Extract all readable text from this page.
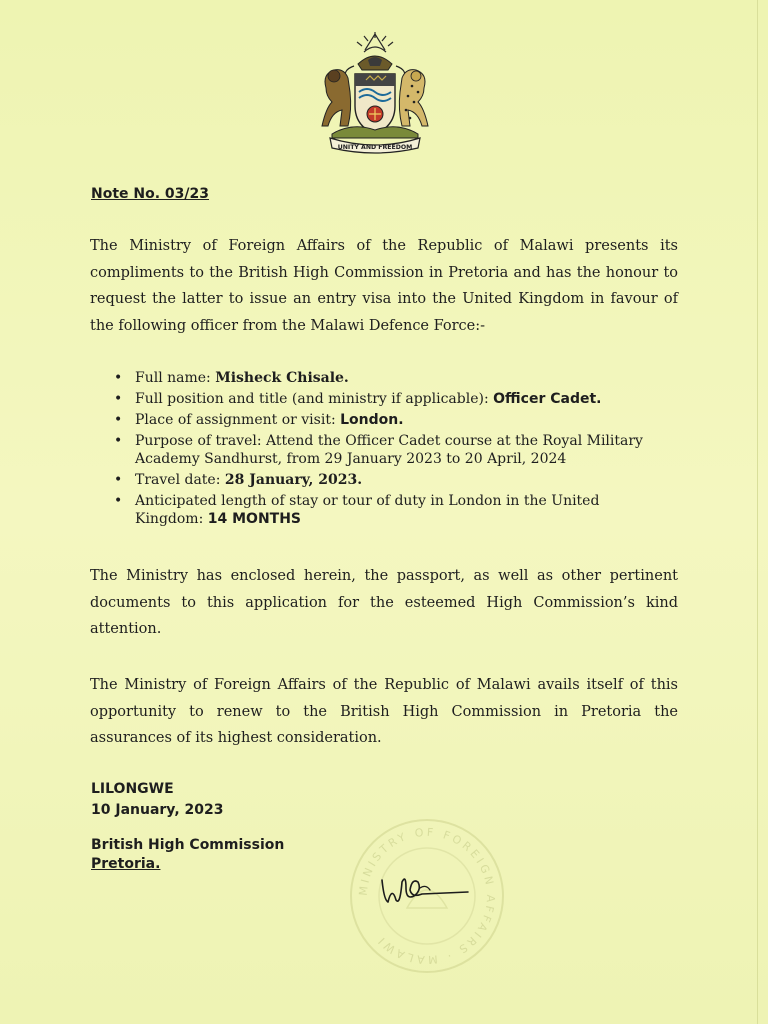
UNITY AND FREEDOM
Note No. 03/23

The Ministry of Foreign Affairs of the Republic of Malawi presents its compliments to the British High Commission in Pretoria and has the honour to request the latter to issue an entry visa into the United Kingdom in favour of the following officer from the Malawi Defence Force:-

• Full name: Misheck Chisale.
• Full position and title (and ministry if applicable): Officer Cadet.
• Place of assignment or visit: London.
• Purpose of travel: Attend the Officer Cadet course at the Royal Military Academy Sandhurst, from 29 January 2023 to 20 April, 2024
• Travel date: 28 January, 2023.
• Anticipated length of stay or tour of duty in London in the United Kingdom: 14 MONTHS

The Ministry has enclosed herein, the passport, as well as other pertinent documents to this application for the esteemed High Commission’s kind attention.

The Ministry of Foreign Affairs of the Republic of Malawi avails itself of this opportunity to renew to the British High Commission in Pretoria the assurances of its highest consideration.

LILONGWE
10 January, 2023
British High Commission
Pretoria.
MINISTRY OF FOREIGN AFFAIRS · MALAWI
